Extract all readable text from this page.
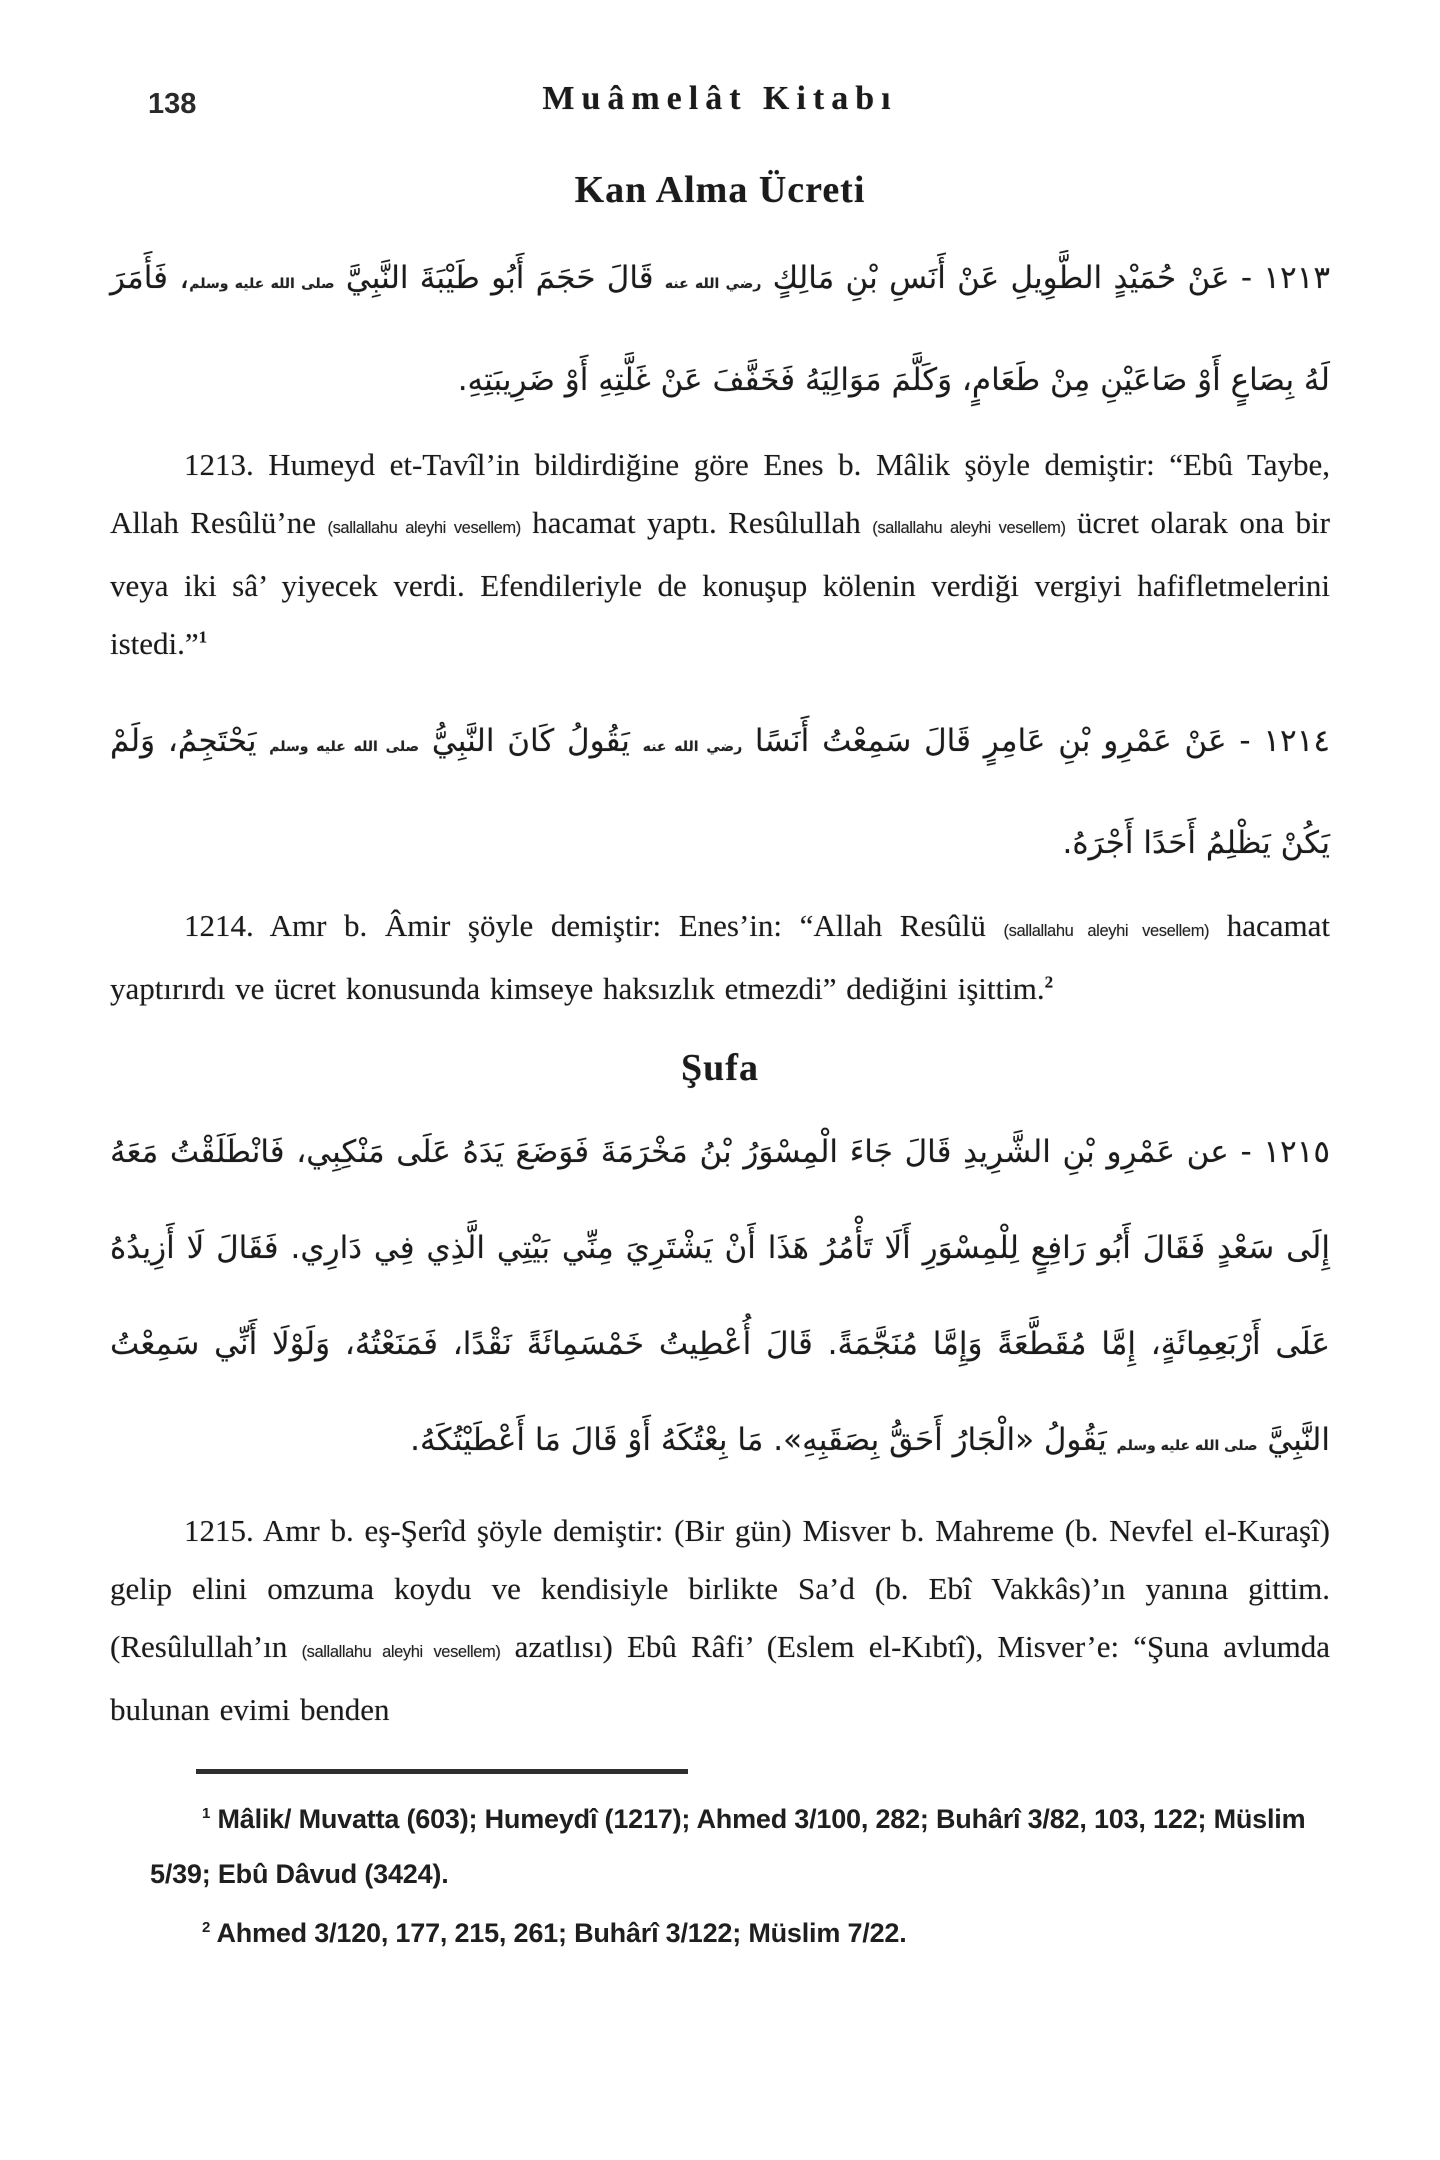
138	Muâmelât Kitabı
Kan Alma Ücreti

١٢١٣ - عَنْ حُمَيْدٍ الطَّوِيلِ عَنْ أَنَسِ بْنِ مَالِكٍ رضي الله عنه قَالَ حَجَمَ أَبُو طَيْبَةَ النَّبِيَّ صلى الله عليه وسلم، فَأَمَرَ لَهُ بِصَاعٍ أَوْ صَاعَيْنِ مِنْ طَعَامٍ، وَكَلَّمَ مَوَالِيَهُ فَخَفَّفَ عَنْ غَلَّتِهِ أَوْ ضَرِيبَتِهِ.

1213. Humeyd et-Tavîl’in bildirdiğine göre Enes b. Mâlik şöyle demiştir: “Ebû Taybe, Allah Resûlü’ne (sallallahu aleyhi vesellem) hacamat yaptı. Resûlullah (sallallahu aleyhi vesellem) ücret olarak ona bir veya iki sâ’ yiyecek verdi. Efendileriyle de konuşup kölenin verdiği vergiyi hafifletmelerini istedi.”$^1$

١٢١٤ - عَنْ عَمْرِو بْنِ عَامِرٍ قَالَ سَمِعْتُ أَنَسًا رضي الله عنه يَقُولُ كَانَ النَّبِيُّ صلى الله عليه وسلم يَحْتَجِمُ، وَلَمْ يَكُنْ يَظْلِمُ أَحَدًا أَجْرَهُ.

1214. Amr b. Âmir şöyle demiştir: Enes’in: “Allah Resûlü (sallallahu aleyhi vesellem) hacamat yaptırırdı ve ücret konusunda kimseye haksızlık etmezdi” dediğini işittim.$^2$

Şufa

١٢١٥ - عن عَمْرِو بْنِ الشَّرِيدِ قَالَ جَاءَ الْمِسْوَرُ بْنُ مَخْرَمَةَ فَوَضَعَ يَدَهُ عَلَى مَنْكِبِي، فَانْطَلَقْتُ مَعَهُ إِلَى سَعْدٍ فَقَالَ أَبُو رَافِعٍ لِلْمِسْوَرِ أَلَا تَأْمُرُ هَذَا أَنْ يَشْتَرِيَ مِنِّي بَيْتِي الَّذِي فِي دَارِي. فَقَالَ لَا أَزِيدُهُ عَلَى أَرْبَعِمِائَةٍ، إِمَّا مُقَطَّعَةً وَإِمَّا مُنَجَّمَةً. قَالَ أُعْطِيتُ خَمْسَمِائَةً نَقْدًا، فَمَنَعْتُهُ، وَلَوْلَا أَنِّي سَمِعْتُ النَّبِيَّ صلى الله عليه وسلم يَقُولُ «الْجَارُ أَحَقُّ بِصَقَبِهِ». مَا بِعْتُكَهُ أَوْ قَالَ مَا أَعْطَيْتُكَهُ.

1215. Amr b. eş-Şerîd şöyle demiştir: (Bir gün) Misver b. Mahreme (b. Nevfel el-Kuraşî) gelip elini omzuma koydu ve kendisiyle birlikte Sa’d (b. Ebî Vakkâs)’ın yanına gittim. (Resûlullah’ın (sallallahu aleyhi vesellem) azatlısı) Ebû Râfi’ (Eslem el-Kıbtî), Misver’e: “Şuna avlumda bulunan evimi benden

$^1$ Mâlik/ Muvatta (603); Humeydî (1217); Ahmed 3/100, 282; Buhârî 3/82, 103, 122; Müslim 5/39; Ebû Dâvud (3424).

$^2$ Ahmed 3/120, 177, 215, 261; Buhârî 3/122; Müslim 7/22.
